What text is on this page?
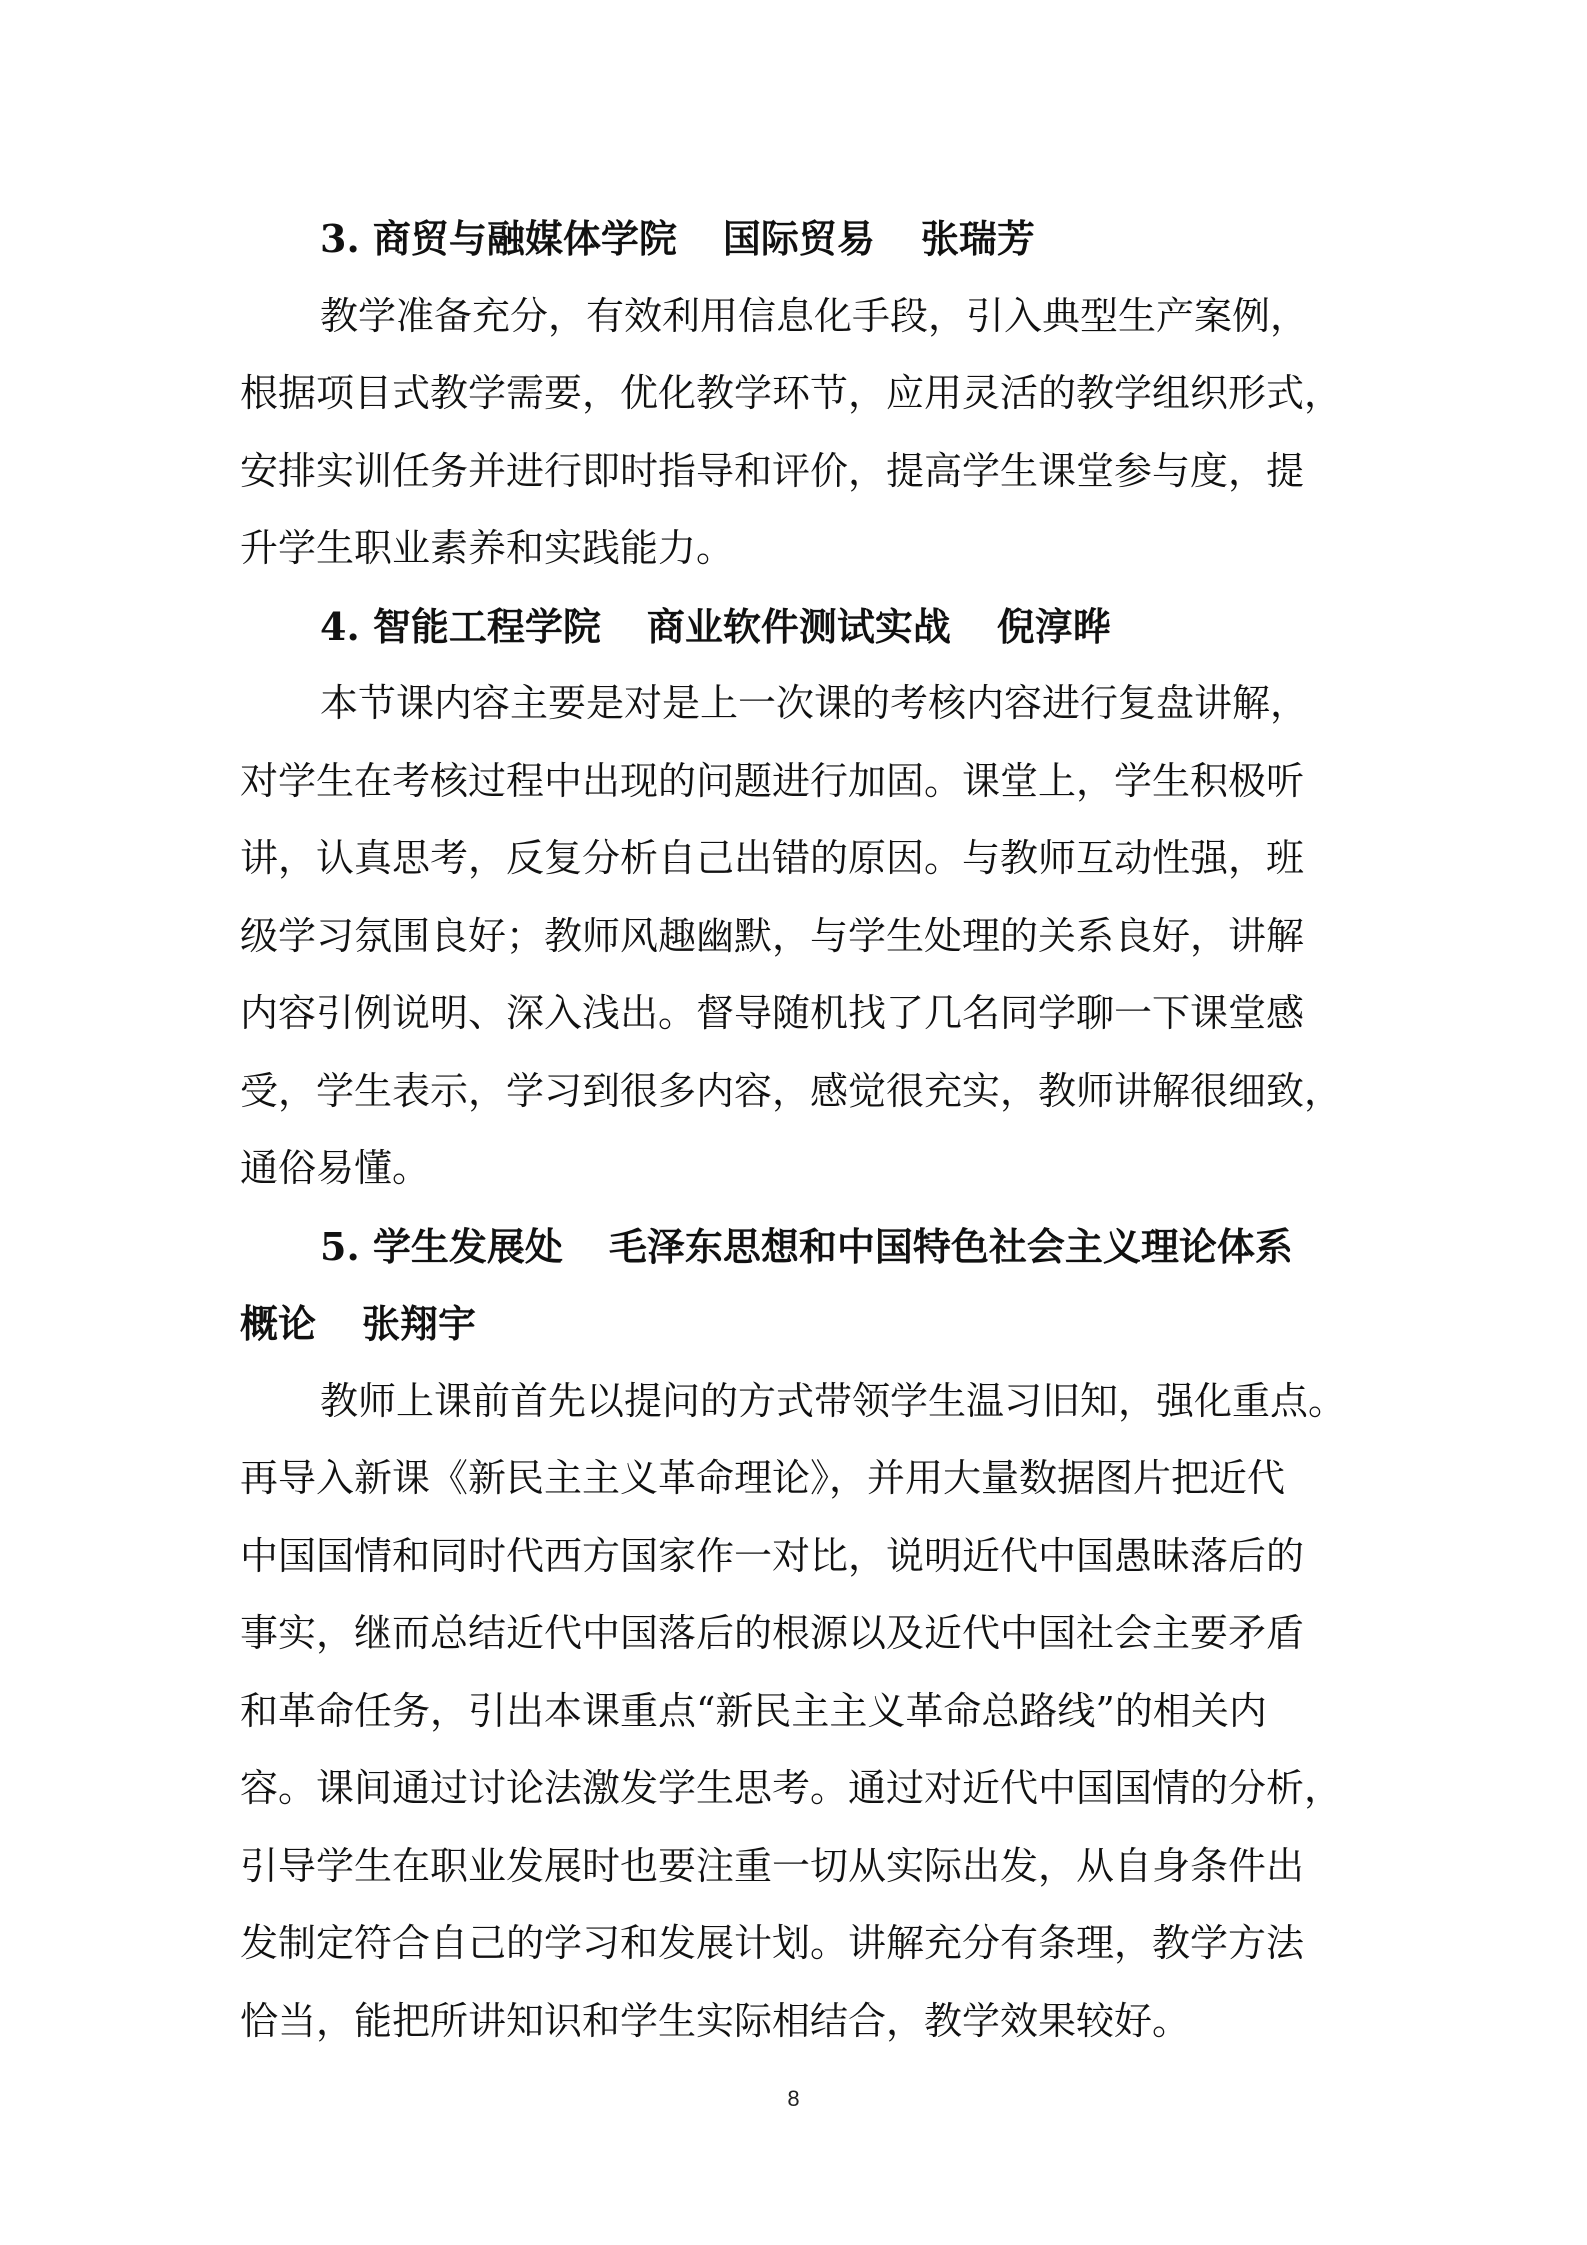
3. 商贸与融媒体学院 国际贸易 张瑞芳
教学准备充分，有效利用信息化手段，引入典型生产案例，
根据项目式教学需要，优化教学环节，应用灵活的教学组织形式，
安排实训任务并进行即时指导和评价，提高学生课堂参与度，提
升学生职业素养和实践能力。
4. 智能工程学院 商业软件测试实战 倪淳晔
本节课内容主要是对是上一次课的考核内容进行复盘讲解，
对学生在考核过程中出现的问题进行加固。课堂上，学生积极听
讲，认真思考，反复分析自己出错的原因。与教师互动性强，班
级学习氛围良好；教师风趣幽默，与学生处理的关系良好，讲解
内容引例说明、深入浅出。督导随机找了几名同学聊一下课堂感
受，学生表示，学习到很多内容，感觉很充实，教师讲解很细致，
通俗易懂。
5. 学生发展处 毛泽东思想和中国特色社会主义理论体系
概论 张翔宇
教师上课前首先以提问的方式带领学生温习旧知，强化重点。
再导入新课《新民主主义革命理论》，并用大量数据图片把近代
中国国情和同时代西方国家作一对比，说明近代中国愚昧落后的
事实，继而总结近代中国落后的根源以及近代中国社会主要矛盾
和革命任务，引出本课重点“新民主主义革命总路线”的相关内
容。课间通过讨论法激发学生思考。通过对近代中国国情的分析，
引导学生在职业发展时也要注重一切从实际出发，从自身条件出
发制定符合自己的学习和发展计划。讲解充分有条理，教学方法
恰当，能把所讲知识和学生实际相结合，教学效果较好。
8
